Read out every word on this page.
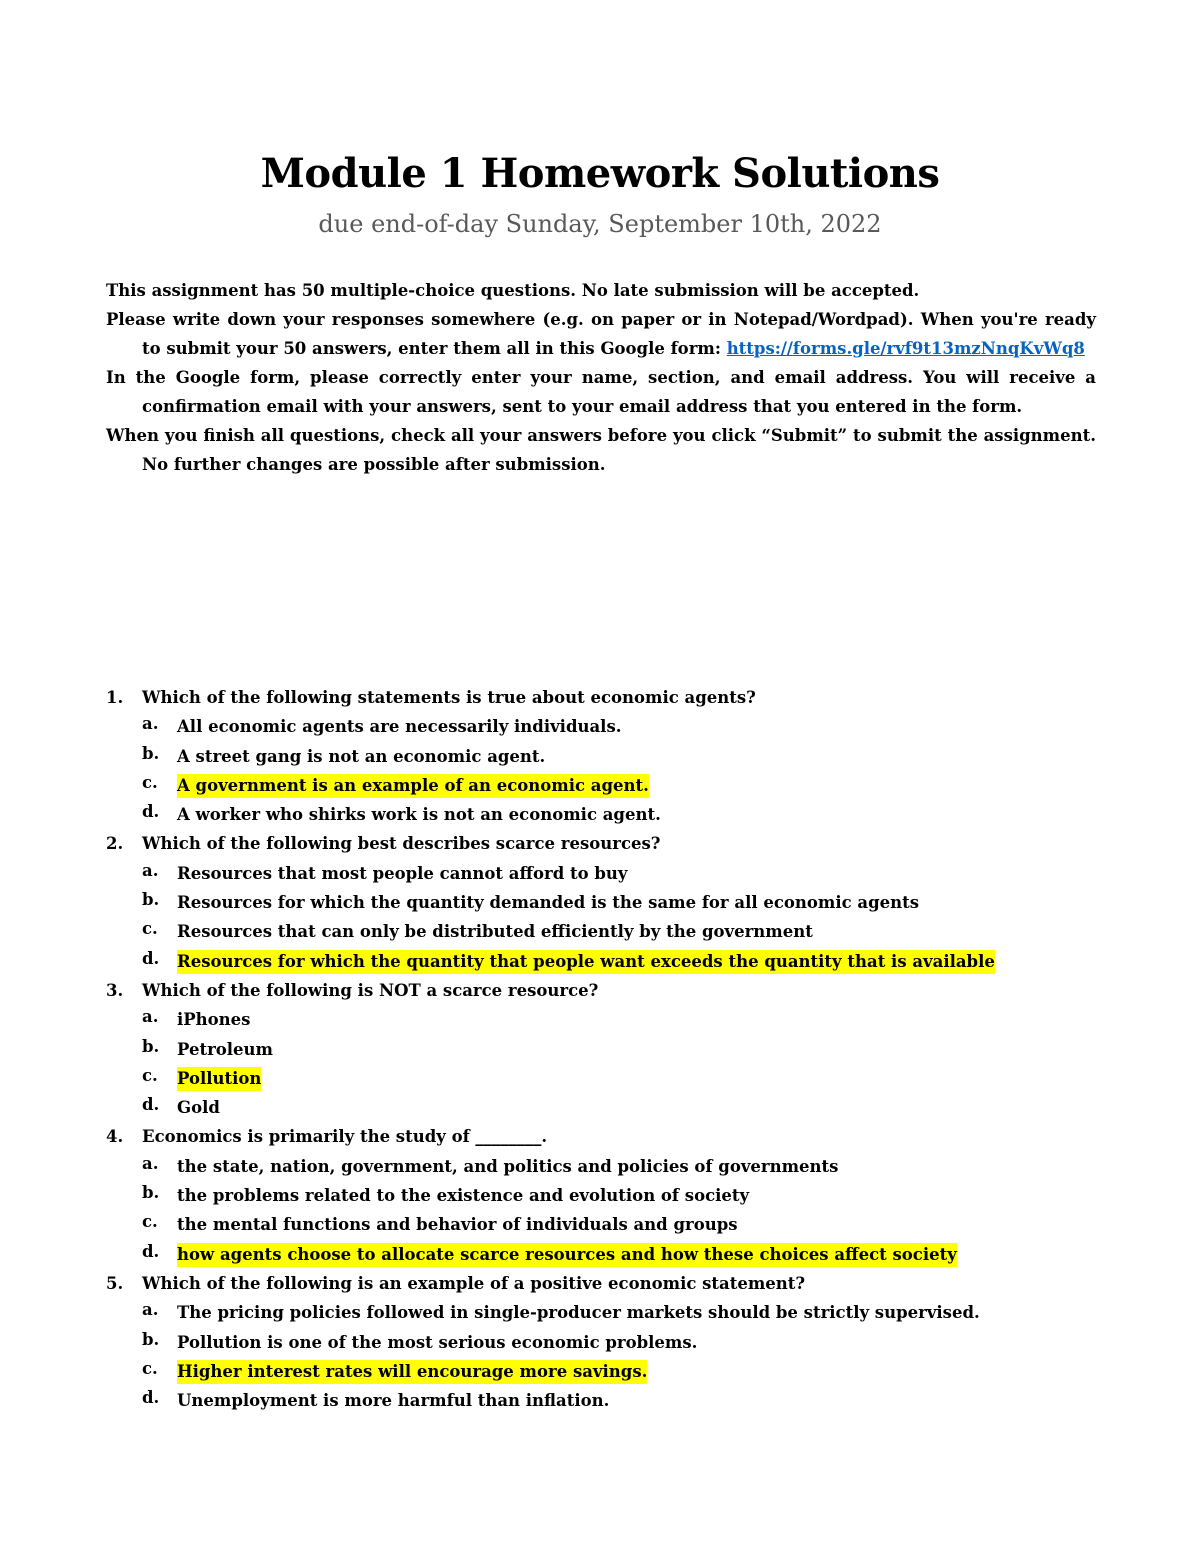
Module 1 Homework Solutions
due end-of-day Sunday, September 10th, 2022

This assignment has 50 multiple-choice questions. No late submission will be accepted.

Please write down your responses somewhere (e.g. on paper or in Notepad/Wordpad). When you're ready to submit your 50 answers, enter them all in this Google form: https://forms.gle/rvf9t13mzNnqKvWq8

In the Google form, please correctly enter your name, section, and email address. You will receive a confirmation email with your answers, sent to your email address that you entered in the form.

When you finish all questions, check all your answers before you click “Submit” to submit the assignment. No further changes are possible after submission.

1.	Which of the following statements is true about economic agents?
a.	All economic agents are necessarily individuals.
b.	A street gang is not an economic agent.
c.	A government is an example of an economic agent.
d.	A worker who shirks work is not an economic agent.
2.	Which of the following best describes scarce resources?
a.	Resources that most people cannot afford to buy
b.	Resources for which the quantity demanded is the same for all economic agents
c.	Resources that can only be distributed efficiently by the government
d.	Resources for which the quantity that people want exceeds the quantity that is available
3.	Which of the following is NOT a scarce resource?
a.	iPhones
b.	Petroleum
c.	Pollution
d.	Gold
4.	Economics is primarily the study of ________.
a.	the state, nation, government, and politics and policies of governments
b.	the problems related to the existence and evolution of society
c.	the mental functions and behavior of individuals and groups
d.	how agents choose to allocate scarce resources and how these choices affect society
5.	Which of the following is an example of a positive economic statement?
a.	The pricing policies followed in single-producer markets should be strictly supervised.
b.	Pollution is one of the most serious economic problems.
c.	Higher interest rates will encourage more savings.
d.	Unemployment is more harmful than inflation.
